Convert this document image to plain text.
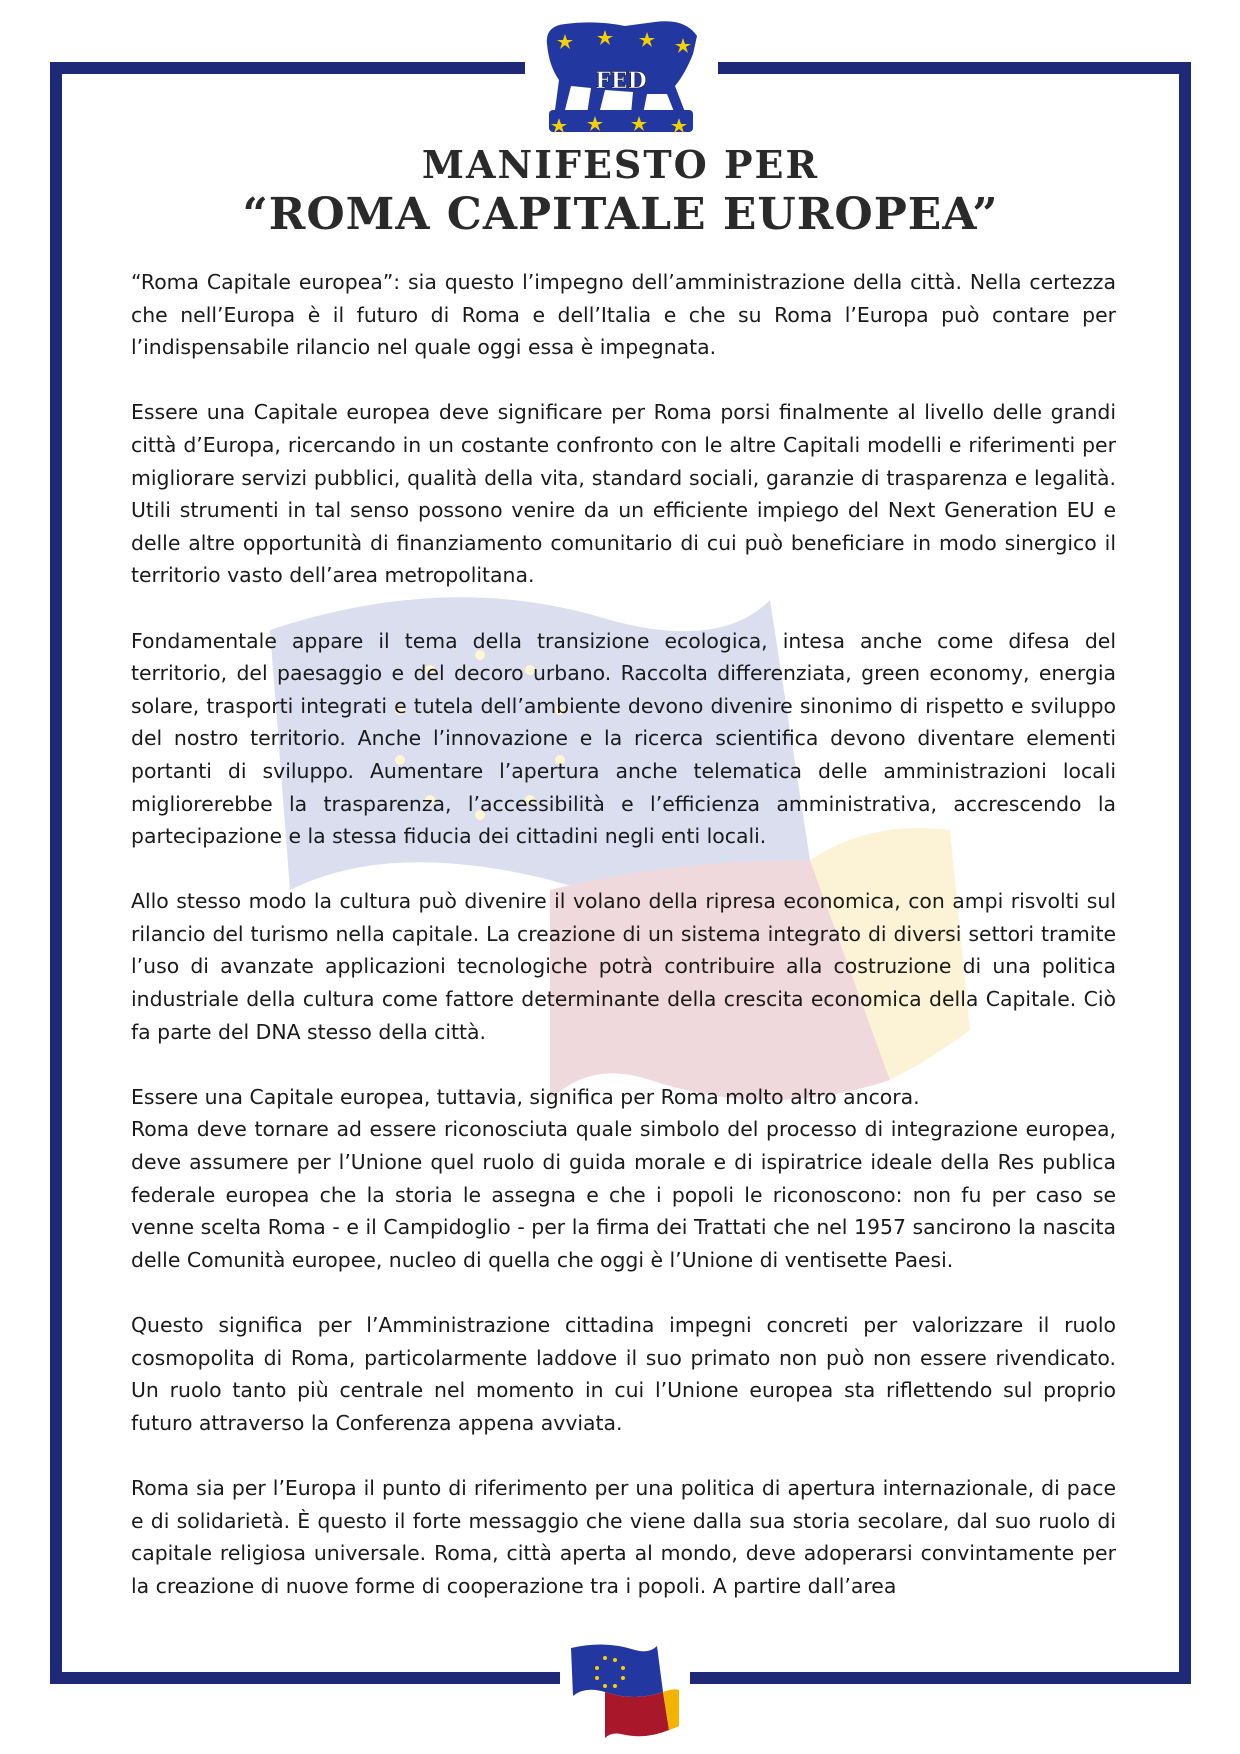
FED
MANIFESTO PER
“ROMA CAPITALE EUROPEA”

“Roma Capitale europea”: sia questo l’impegno dell’amministrazione della città. Nella certezza che nell’Europa è il futuro di Roma e dell’Italia e che su Roma l’Europa può contare per l’indispensabile rilancio nel quale oggi essa è impegnata.

Essere una Capitale europea deve significare per Roma porsi finalmente al livello delle grandi città d’Europa, ricercando in un costante confronto con le altre Capitali modelli e riferimenti per migliorare servizi pubblici, qualità della vita, standard sociali, garanzie di trasparenza e legalità. Utili strumenti in tal senso possono venire da un efficiente impiego del Next Generation EU e delle altre opportunità di finanziamento comunitario di cui può beneficiare in modo sinergico il territorio vasto dell’area metropolitana.

Fondamentale appare il tema della transizione ecologica, intesa anche come difesa del territorio, del paesaggio e del decoro urbano. Raccolta differenziata, green economy, energia solare, trasporti integrati e tutela dell’ambiente devono divenire sinonimo di rispetto e sviluppo del nostro territorio. Anche l’innovazione e la ricerca scientifica devono diventare elementi portanti di sviluppo. Aumentare l’apertura anche telematica delle amministrazioni locali migliorerebbe la trasparenza, l’accessibilità e l’efficienza amministrativa, accrescendo la partecipazione e la stessa fiducia dei cittadini negli enti locali.

Allo stesso modo la cultura può divenire il volano della ripresa economica, con ampi risvolti sul rilancio del turismo nella capitale. La creazione di un sistema integrato di diversi settori tramite l’uso di avanzate applicazioni tecnologiche potrà contribuire alla costruzione di una politica industriale della cultura come fattore determinante della crescita economica della Capitale. Ciò fa parte del DNA stesso della città.

Essere una Capitale europea, tuttavia, significa per Roma molto altro ancora.

Roma deve tornare ad essere riconosciuta quale simbolo del processo di integrazione europea, deve assumere per l’Unione quel ruolo di guida morale e di ispiratrice ideale della Res publica federale europea che la storia le assegna e che i popoli le riconoscono: non fu per caso se venne scelta Roma - e il Campidoglio - per la firma dei Trattati che nel 1957 sancirono la nascita delle Comunità europee, nucleo di quella che oggi è l’Unione di ventisette Paesi.

Questo significa per l’Amministrazione cittadina impegni concreti per valorizzare il ruolo cosmopolita di Roma, particolarmente laddove il suo primato non può non essere rivendicato. Un ruolo tanto più centrale nel momento in cui l’Unione europea sta riflettendo sul proprio futuro attraverso la Conferenza appena avviata.

Roma sia per l’Europa il punto di riferimento per una politica di apertura internazionale, di pace e di solidarietà. È questo il forte messaggio che viene dalla sua storia secolare, dal suo ruolo di capitale religiosa universale. Roma, città aperta al mondo, deve adoperarsi convintamente per la creazione di nuove forme di cooperazione tra i popoli. A partire dall’area
